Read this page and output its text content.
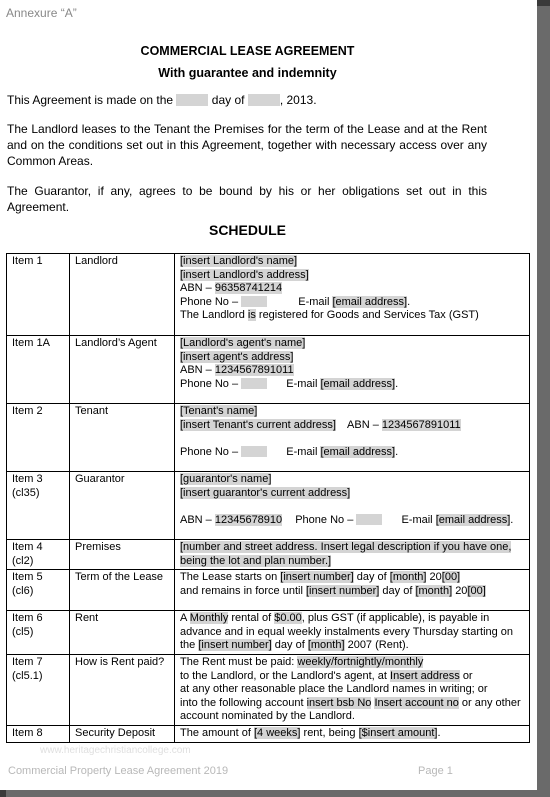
Annexure “A”
COMMERCIAL LEASE AGREEMENT
With guarantee and indemnity
This Agreement is made on the	day of	, 2013.
The Landlord leases to the Tenant the Premises for the term of the Lease and at the Rent and on the conditions set out in this Agreement, together with necessary access over any Common Areas.
The Guarantor, if any, agrees to be bound by his or her obligations set out in this Agreement.
SCHEDULE
Item 1	Landlord	[insert Landlord's name]
[insert Landlord's address]
ABN – 96358741214
Phone No – E-mail [email address].
The Landlord is registered for Goods and Services Tax (GST)
Item 1A	Landlord’s Agent	[Landlord's agent's name]
[insert agent's address]
ABN – 1234567891011
Phone No – E-mail [email address].
Item 2	Tenant	[Tenant's name]
[insert Tenant's current address] ABN – 1234567891011

Phone No – E-mail [email address].
Item 3
(cl35)	Guarantor	[guarantor's name]
[insert guarantor's current address]

ABN – 12345678910 Phone No – E-mail [email address].
Item 4
(cl2)	Premises	[number and street address. Insert legal description if you have one, being the lot and plan number.]
Item 5
(cl6)	Term of the Lease	The Lease starts on [insert number] day of [month] 20[00]
and remains in force until [insert number] day of [month] 20[00]
Item 6
(cl5)	Rent	A Monthly rental of $0.00, plus GST (if applicable), is payable in advance and in equal weekly instalments every Thursday starting on the [insert number] day of [month] 2007 (Rent).
Item 7
(cl5.1)	How is Rent paid?	The Rent must be paid: weekly/fortnightly/monthly
to the Landlord, or the Landlord's agent, at Insert address or
at any other reasonable place the Landlord names in writing; or
into the following account insert bsb No Insert account no or any other account nominated by the Landlord.
Item 8	Security Deposit	The amount of [4 weeks] rent, being [$insert amount].
www.heritagechristiancollege.com
Commercial Property Lease Agreement 2019	Page 1
